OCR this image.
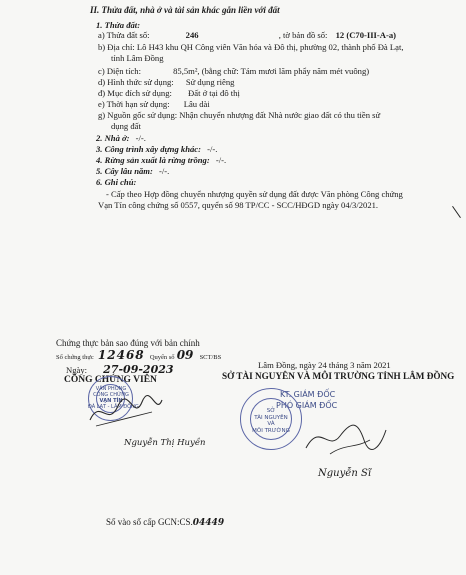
II. Thửa đất, nhà ở và tài sản khác gắn liền với đất
1. Thửa đất:
a) Thửa đất số:	246	, tờ bản đồ số: 12 (C70-III-A-a)
b) Địa chỉ: Lô H43 khu QH Công viên Văn hóa và Đô thị, phường 02, thành phố Đà Lạt,
tỉnh Lâm Đồng
c) Diện tích:	85,5m², (bằng chữ: Tám mươi lăm phẩy năm mét vuông)
d) Hình thức sử dụng: Sử dụng riêng
đ) Mục đích sử dụng: Đất ở tại đô thị
e) Thời hạn sử dụng: Lâu dài
g) Nguồn gốc sử dụng: Nhận chuyển nhượng đất Nhà nước giao đất có thu tiền sử
dụng đất
2. Nhà ở: -/-.
3. Công trình xây dựng khác: -/-.
4. Rừng sản xuất là rừng trồng: -/-.
5. Cây lâu năm: -/-.
6. Ghi chú:
- Cấp theo Hợp đồng chuyển nhượng quyền sử dụng đất được Văn phòng Công chứng
Vạn Tín công chứng số 0557, quyển số 98 TP/CC - SCC/HĐGD ngày 04/3/2021.
Chứng thực bản sao đúng với bản chính
Số chứng thực 12468 Quyển số 09 SCT/BS
Ngày: 27-09-2023
CÔNG CHỨNG VIÊN
VĂN PHÒNG
CÔNG CHỨNG
VẠN TÍN
ĐÀ LẠT - LÂM ĐỒNG
Nguyễn Thị Huyền
Lâm Đồng, ngày 24 tháng 3 năm 2021
SỞ TÀI NGUYÊN VÀ MÔI TRƯỜNG TỈNH LÂM ĐỒNG
KT. GIÁM ĐỐC
PHÓ GIÁM ĐỐC
SỞ
TÀI NGUYÊN
VÀ
MÔI TRƯỜNG
Nguyễn Sĩ
Số vào sổ cấp GCN:CS.04449
